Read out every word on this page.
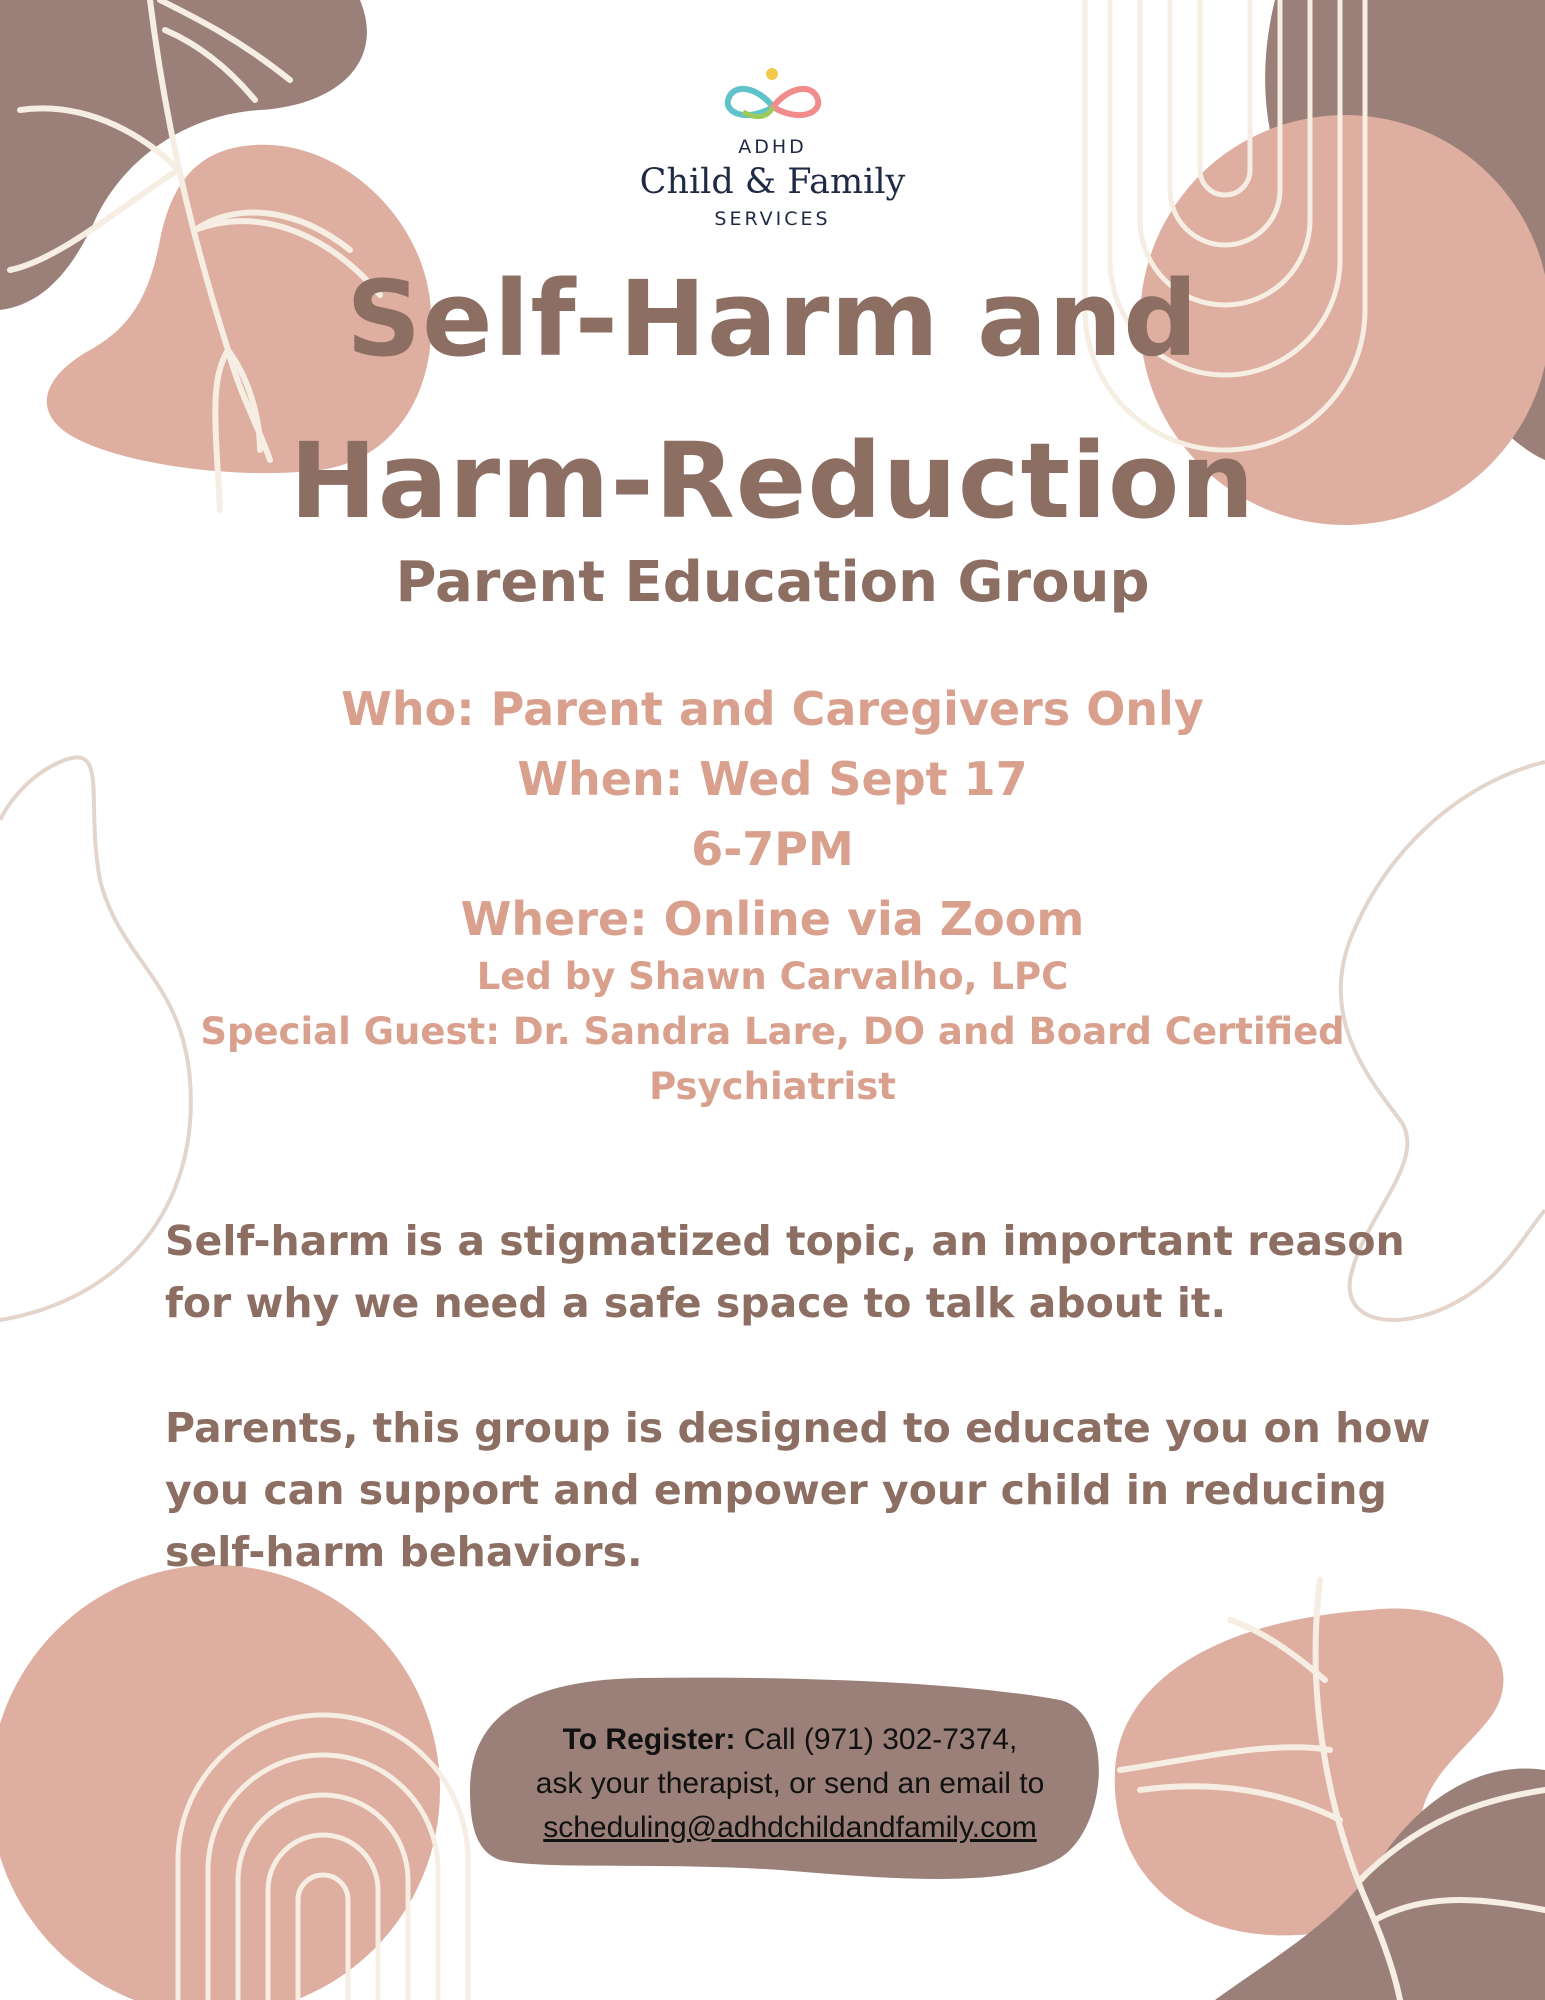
ADHD
Child & Family
SERVICES
Self-Harm and
Harm-Reduction
Parent Education Group
Who: Parent and Caregivers Only
When: Wed Sept 17
6-7PM
Where: Online via Zoom
Led by Shawn Carvalho, LPC
Special Guest: Dr. Sandra Lare, DO and Board Certified
Psychiatrist
Self-harm is a stigmatized topic, an important reason for why we need a safe space to talk about it.
Parents, this group is designed to educate you on how you can support and empower your child in reducing self-harm behaviors.
To Register: Call (971) 302-7374,
ask your therapist, or send an email to
scheduling@adhdchildandfamily.com
